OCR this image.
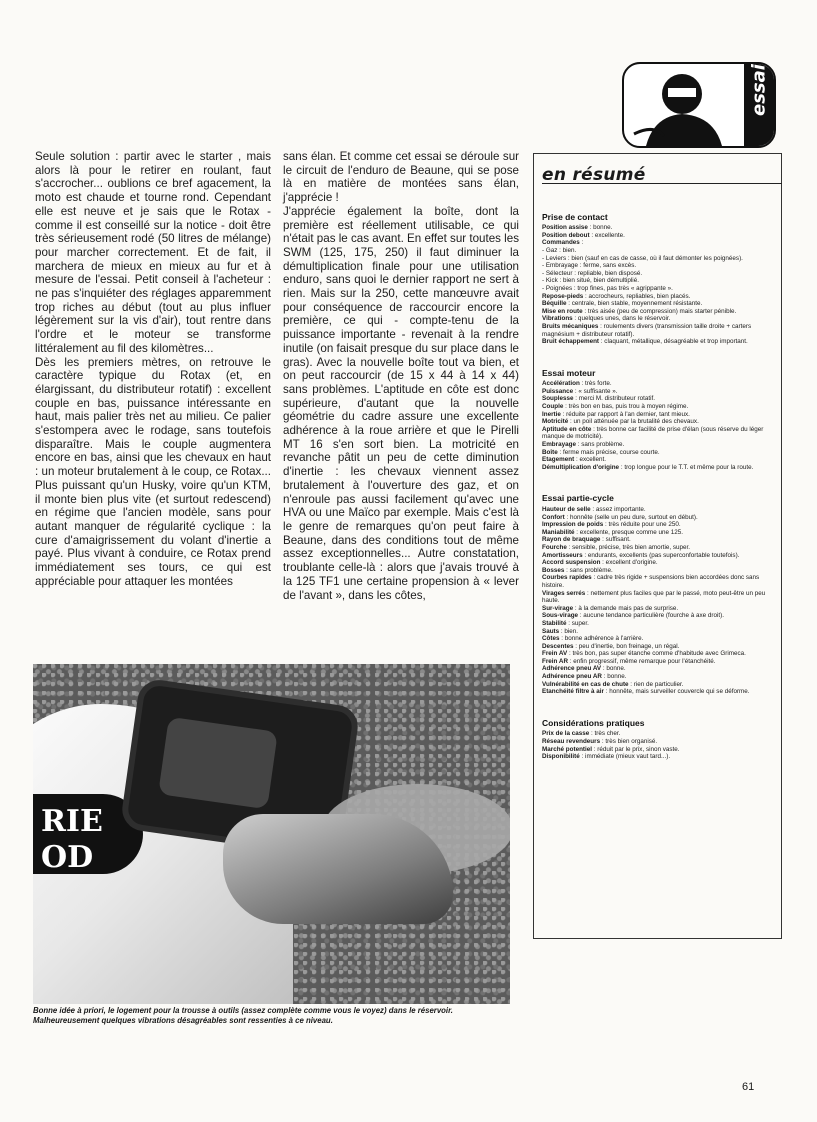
Seule solution : partir avec le starter , mais alors là pour le retirer en roulant, faut s'accrocher... oublions ce bref agacement, la moto est chaude et tourne rond. Cependant elle est neuve et je sais que le Rotax - comme il est conseillé sur la notice - doit être très sérieusement rodé (50 litres de mélange) pour marcher correctement. Et de fait, il marchera de mieux en mieux au fur et à mesure de l'essai. Petit conseil à l'acheteur : ne pas s'inquiéter des réglages apparemment trop riches au début (tout au plus influer légèrement sur la vis d'air), tout rentre dans l'ordre et le moteur se transforme littéralement au fil des kilomètres...

Dès les premiers mètres, on retrouve le caractère typique du Rotax (et, en élargissant, du distributeur rotatif) : excellent couple en bas, puissance intéressante en haut, mais palier très net au milieu. Ce palier s'estompera avec le rodage, sans toutefois disparaître. Mais le couple augmentera encore en bas, ainsi que les chevaux en haut : un moteur brutalement à le coup, ce Rotax... Plus puissant qu'un Husky, voire qu'un KTM, il monte bien plus vite (et surtout redescend) en régime que l'ancien modèle, sans pour autant manquer de régularité cyclique : la cure d'amaigrissement du volant d'inertie a payé. Plus vivant à conduire, ce Rotax prend immédiatement ses tours, ce qui est appréciable pour attaquer les montées

sans élan. Et comme cet essai se déroule sur le circuit de l'enduro de Beaune, qui se pose là en matière de montées sans élan, j'apprécie !

J'apprécie également la boîte, dont la première est réellement utilisable, ce qui n'était pas le cas avant. En effet sur toutes les SWM (125, 175, 250) il faut diminuer la démultiplication finale pour une utilisation enduro, sans quoi le dernier rapport ne sert à rien. Mais sur la 250, cette manœuvre avait pour conséquence de raccourcir encore la première, ce qui - compte-tenu de la puissance importante - revenait à la rendre inutile (on faisait presque du sur place dans le gras). Avec la nouvelle boîte tout va bien, et on peut raccourcir (de 15 x 44 à 14 x 44) sans problèmes. L'aptitude en côte est donc supérieure, d'autant que la nouvelle géométrie du cadre assure une excellente adhérence à la roue arrière et que le Pirelli MT 16 s'en sort bien. La motricité en revanche pâtit un peu de cette diminution d'inertie : les chevaux viennent assez brutalement à l'ouverture des gaz, et on n'enroule pas aussi facilement qu'avec une HVA ou une Maïco par exemple. Mais c'est là le genre de remarques qu'on peut faire à Beaune, dans des conditions tout de même assez exceptionnelles... Autre constatation, troublante celle-là : alors que j'avais trouvé à la 125 TF1 une certaine propension à « lever de l'avant », dans les côtes,

en résumé
Prise de contact

Position assise : bonne.

Position debout : excellente.

Commandes :

- Gaz : bien.

- Leviers : bien (sauf en cas de casse, où il faut démonter les poignées).

- Embrayage : ferme, sans excès.

- Sélecteur : repliable, bien disposé.

- Kick : bien situé, bien démultiplié.

- Poignées : trop fines, pas très « agrippante ».

Repose-pieds : accrocheurs, repliables, bien placés.

Béquille : centrale, bien stable, moyennement résistante.

Mise en route : très aisée (peu de compression) mais starter pénible.

Vibrations : quelques unes, dans le réservoir.

Bruits mécaniques : roulements divers (transmission taille droite + carters magnésium + distributeur rotatif).

Bruit échappement : claquant, métallique, désagréable et trop important.

Essai moteur

Accélération : très forte.

Puissance : « suffisante ».

Souplesse : merci M. distributeur rotatif.

Couple : très bon en bas, puis trou à moyen régime.

Inertie : réduite par rapport à l'an dernier, tant mieux.

Motricité : un poil atténuée par la brutalité des chevaux.

Aptitude en côte : très bonne car facilité de prise d'élan (sous réserve du léger manque de motricité).

Embrayage : sans problème.

Boîte : ferme mais précise, course courte.

Etagement : excellent.

Démultiplication d'origine : trop longue pour le T.T. et même pour la route.

Essai partie-cycle

Hauteur de selle : assez importante.

Confort : honnête (selle un peu dure, surtout en début).

Impression de poids : très réduite pour une 250.

Maniabilité : excellente, presque comme une 125.

Rayon de braquage : suffisant.

Fourche : sensible, précise, très bien amortie, super.

Amortisseurs : endurants, excellents (pas superconfortable toutefois).

Accord suspension : excellent d'origine.

Bosses : sans problème.

Courbes rapides : cadre très rigide + suspensions bien accordées donc sans histoire.

Virages serrés : nettement plus faciles que par le passé, moto peut-être un peu haute.

Sur-virage : à la demande mais pas de surprise.

Sous-virage : aucune tendance particulière (fourche à axe droit).

Stabilité : super.

Sauts : bien.

Côtes : bonne adhérence à l'arrière.

Descentes : peu d'inertie, bon freinage, un régal.

Frein AV : très bon, pas super étanche comme d'habitude avec Grimeca.

Frein AR : enfin progressif, même remarque pour l'étanchéité.

Adhérence pneu AV : bonne.

Adhérence pneu AR : bonne.

Vulnérabilité en cas de chute : rien de particulier.

Etanchéité filtre à air : honnête, mais surveiller couvercle qui se déforme.

Considérations pratiques

Prix de la casse : très cher.

Réseau revendeurs : très bien organisé.

Marché potentiel : réduit par le prix, sinon vaste.

Disponibilité : immédiate (mieux vaut tard...).

RIE
OD
Bonne idée à priori, le logement pour la trousse à outils (assez complète comme vous le voyez) dans le réservoir. Malheureusement quelques vibrations désagréables sont ressenties à ce niveau.
61
